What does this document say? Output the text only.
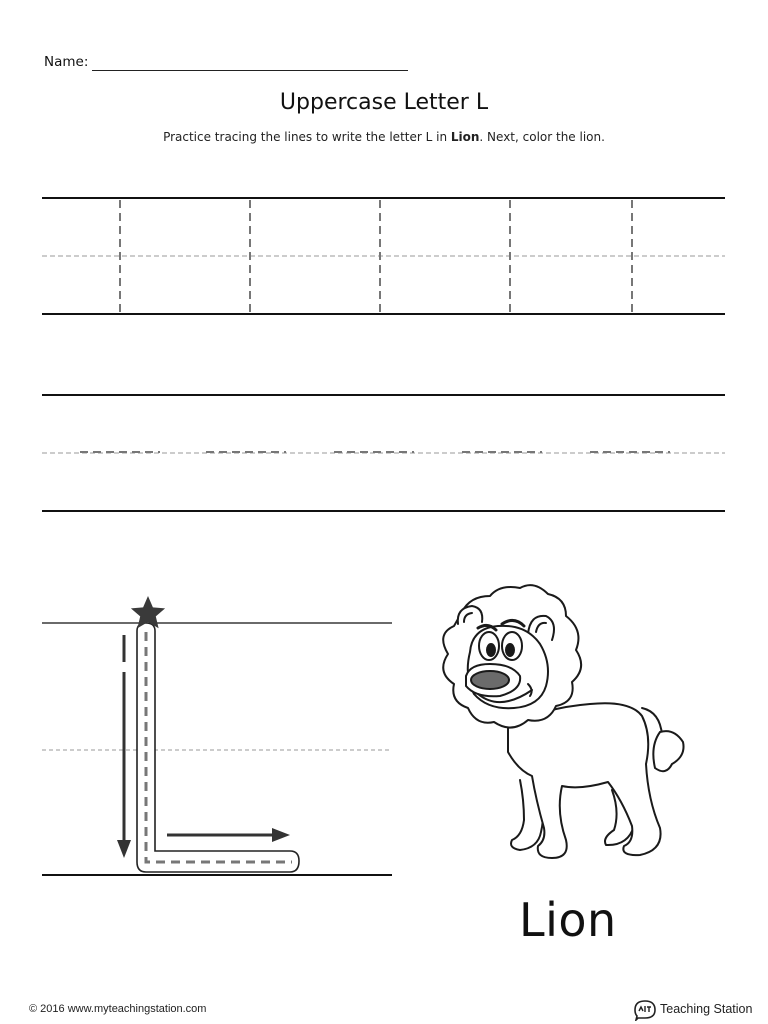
Name:
Uppercase Letter L
Practice tracing the lines to write the letter L in Lion. Next, color the lion.
Lion
© 2016 www.myteachingstation.com	Teaching Station
